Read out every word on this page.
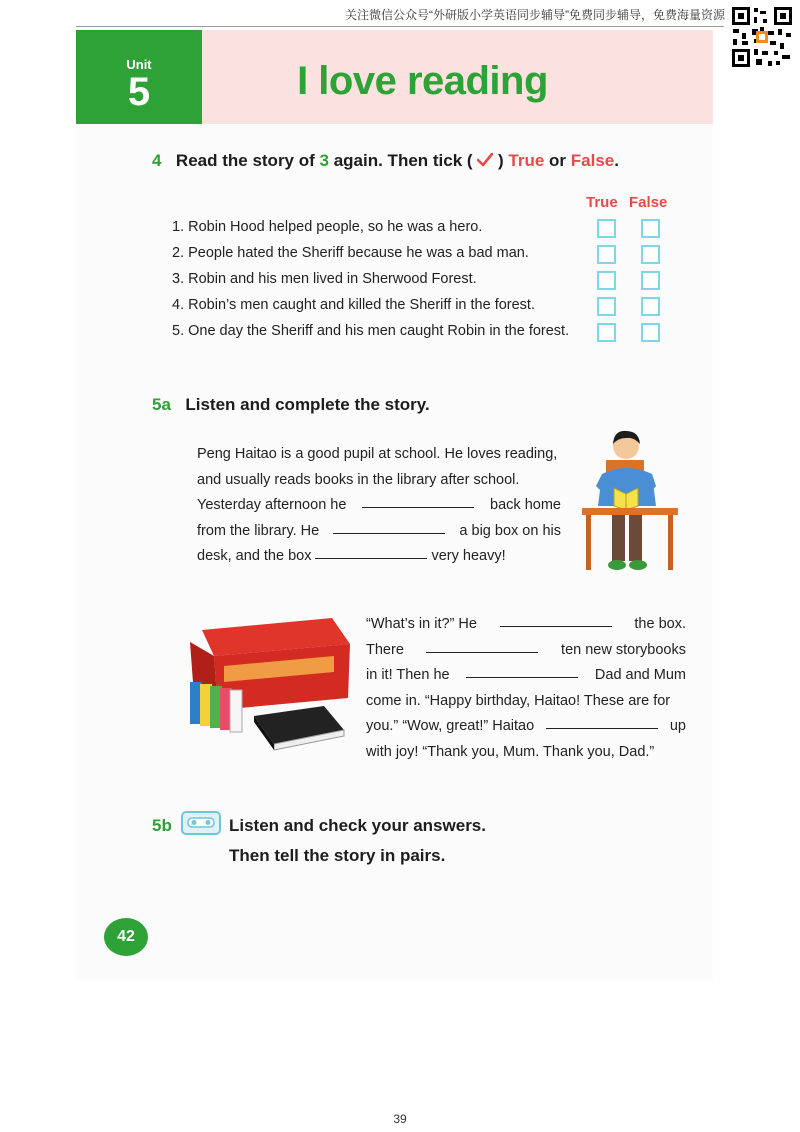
关注微信公众号“外研版小学英语同步辅导”免费同步辅导，免费海量资源
Unit
5	I love reading
4 Read the story of 3 again. Then tick (  ) True or False.
True False
1. Robin Hood helped people, so he was a hero.
2. People hated the Sheriff because he was a bad man.
3. Robin and his men lived in Sherwood Forest.
4. Robin’s men caught and killed the Sheriff in the forest.
5. One day the Sheriff and his men caught Robin in the forest.
5a Listen and complete the story.
Peng Haitao is a good pupil at school. He loves reading,
and usually reads books in the library after school.
Yesterday afternoon he	back home
from the library. He	a big box on his
desk, and the box	very heavy!
“What’s in it?” He	the box.
There	ten new storybooks
in it! Then he	Dad and Mum
come in. “Happy birthday, Haitao! These are for
you.” “Wow, great!” Haitao	up
with joy! “Thank you, Mum. Thank you, Dad.”
5b	Listen and check your answers.
Then tell the story in pairs.
42
39
